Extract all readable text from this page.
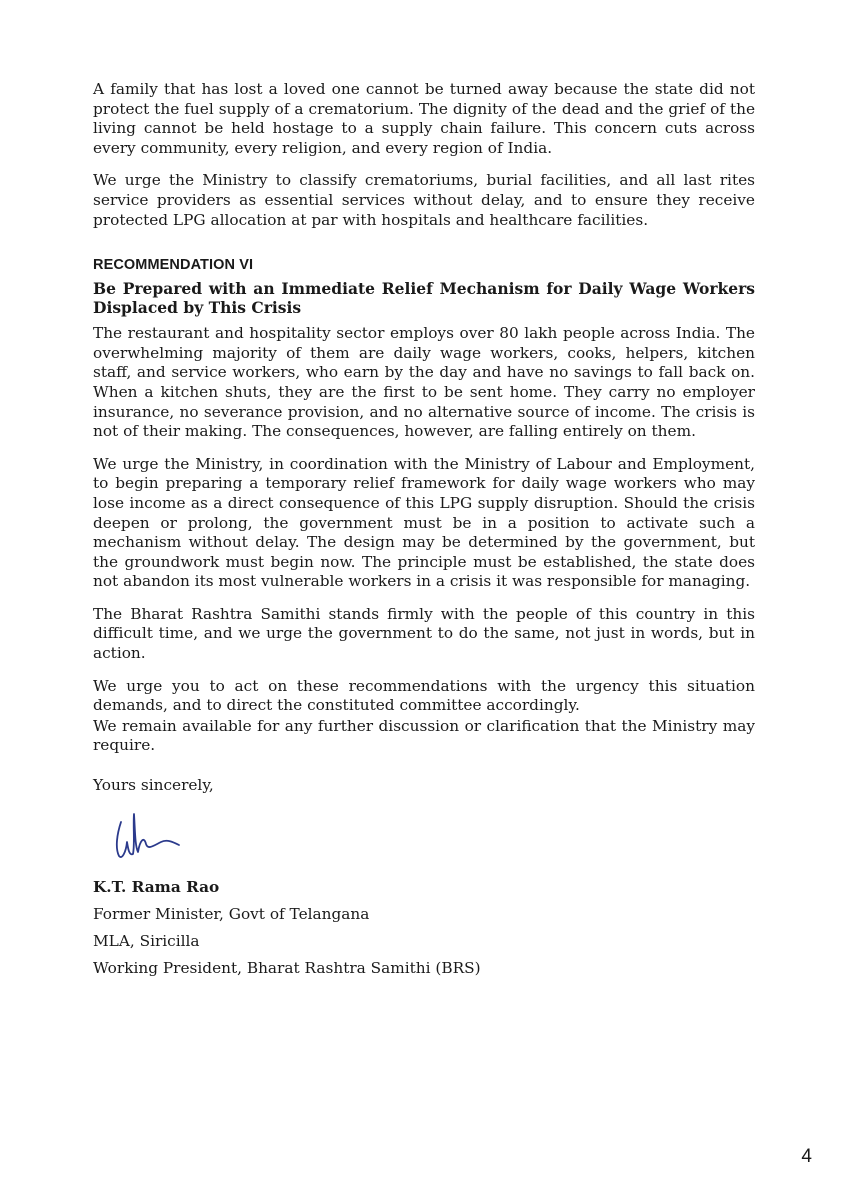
A family that has lost a loved one cannot be turned away because the state did not protect the fuel supply of a crematorium. The dignity of the dead and the grief of the living cannot be held hostage to a supply chain failure. This concern cuts across every community, every religion, and every region of India.

We urge the Ministry to classify crematoriums, burial facilities, and all last rites service providers as essential services without delay, and to ensure they receive protected LPG allocation at par with hospitals and healthcare facilities.

RECOMMENDATION VI
Be Prepared with an Immediate Relief Mechanism for Daily Wage Workers Displaced by This Crisis

The restaurant and hospitality sector employs over 80 lakh people across India. The overwhelming majority of them are daily wage workers, cooks, helpers, kitchen staff, and service workers, who earn by the day and have no savings to fall back on. When a kitchen shuts, they are the first to be sent home. They carry no employer insurance, no severance provision, and no alternative source of income. The crisis is not of their making. The consequences, however, are falling entirely on them.

We urge the Ministry, in coordination with the Ministry of Labour and Employment, to begin preparing a temporary relief framework for daily wage workers who may lose income as a direct consequence of this LPG supply disruption. Should the crisis deepen or prolong, the government must be in a position to activate such a mechanism without delay. The design may be determined by the government, but the groundwork must begin now. The principle must be established, the state does not abandon its most vulnerable workers in a crisis it was responsible for managing.

The Bharat Rashtra Samithi stands firmly with the people of this country in this difficult time, and we urge the government to do the same, not just in words, but in action.

We urge you to act on these recommendations with the urgency this situation demands, and to direct the constituted committee accordingly.

We remain available for any further discussion or clarification that the Ministry may require.

Yours sincerely,
K.T. Rama Rao
Former Minister, Govt of Telangana
MLA, Siricilla
Working President, Bharat Rashtra Samithi (BRS)
4
